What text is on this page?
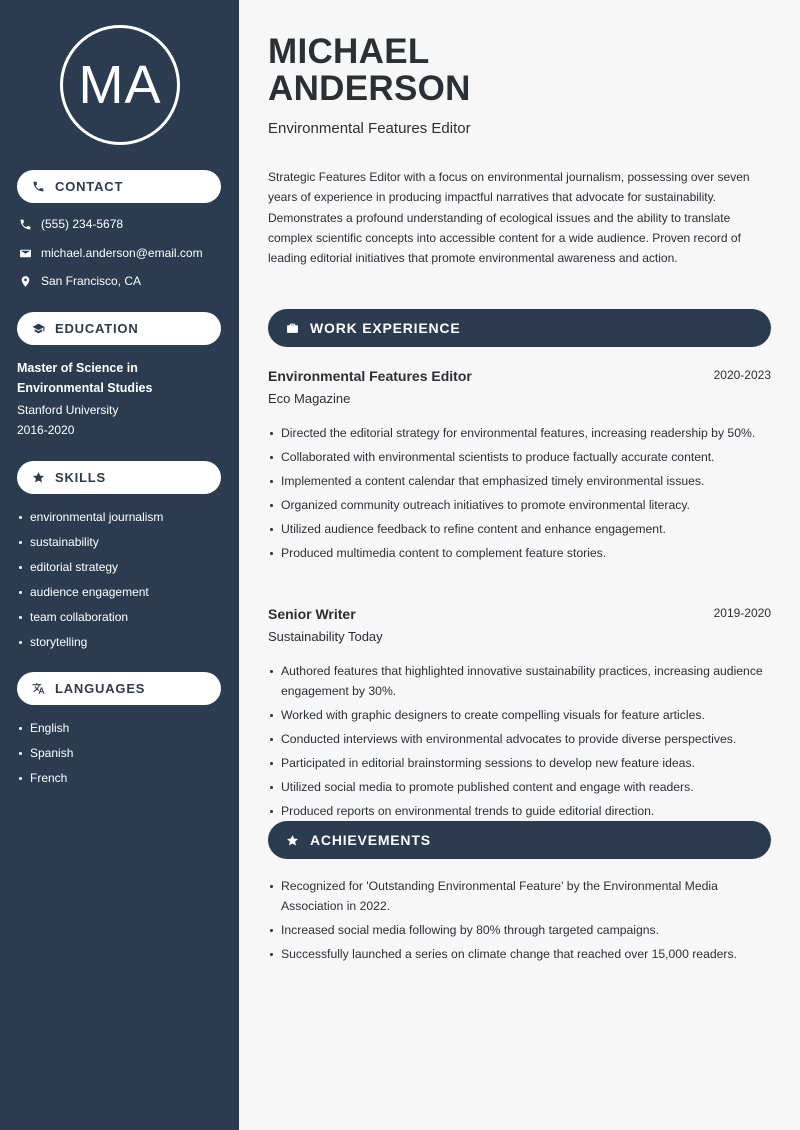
MA
CONTACT
(555) 234-5678
michael.anderson@email.com
San Francisco, CA
EDUCATION
Master of Science in Environmental Studies
Stanford University
2016-2020
SKILLS
environmental journalism
sustainability
editorial strategy
audience engagement
team collaboration
storytelling
LANGUAGES
English
Spanish
French
MICHAEL
ANDERSON
Environmental Features Editor
Strategic Features Editor with a focus on environmental journalism, possessing over seven years of experience in producing impactful narratives that advocate for sustainability. Demonstrates a profound understanding of ecological issues and the ability to translate complex scientific concepts into accessible content for a wide audience. Proven record of leading editorial initiatives that promote environmental awareness and action.
WORK EXPERIENCE
Environmental Features Editor	2020-2023
Eco Magazine
Directed the editorial strategy for environmental features, increasing readership by 50%.
Collaborated with environmental scientists to produce factually accurate content.
Implemented a content calendar that emphasized timely environmental issues.
Organized community outreach initiatives to promote environmental literacy.
Utilized audience feedback to refine content and enhance engagement.
Produced multimedia content to complement feature stories.
Senior Writer	2019-2020
Sustainability Today
Authored features that highlighted innovative sustainability practices, increasing audience engagement by 30%.
Worked with graphic designers to create compelling visuals for feature articles.
Conducted interviews with environmental advocates to provide diverse perspectives.
Participated in editorial brainstorming sessions to develop new feature ideas.
Utilized social media to promote published content and engage with readers.
Produced reports on environmental trends to guide editorial direction.
ACHIEVEMENTS
Recognized for 'Outstanding Environmental Feature' by the Environmental Media Association in 2022.
Increased social media following by 80% through targeted campaigns.
Successfully launched a series on climate change that reached over 15,000 readers.
